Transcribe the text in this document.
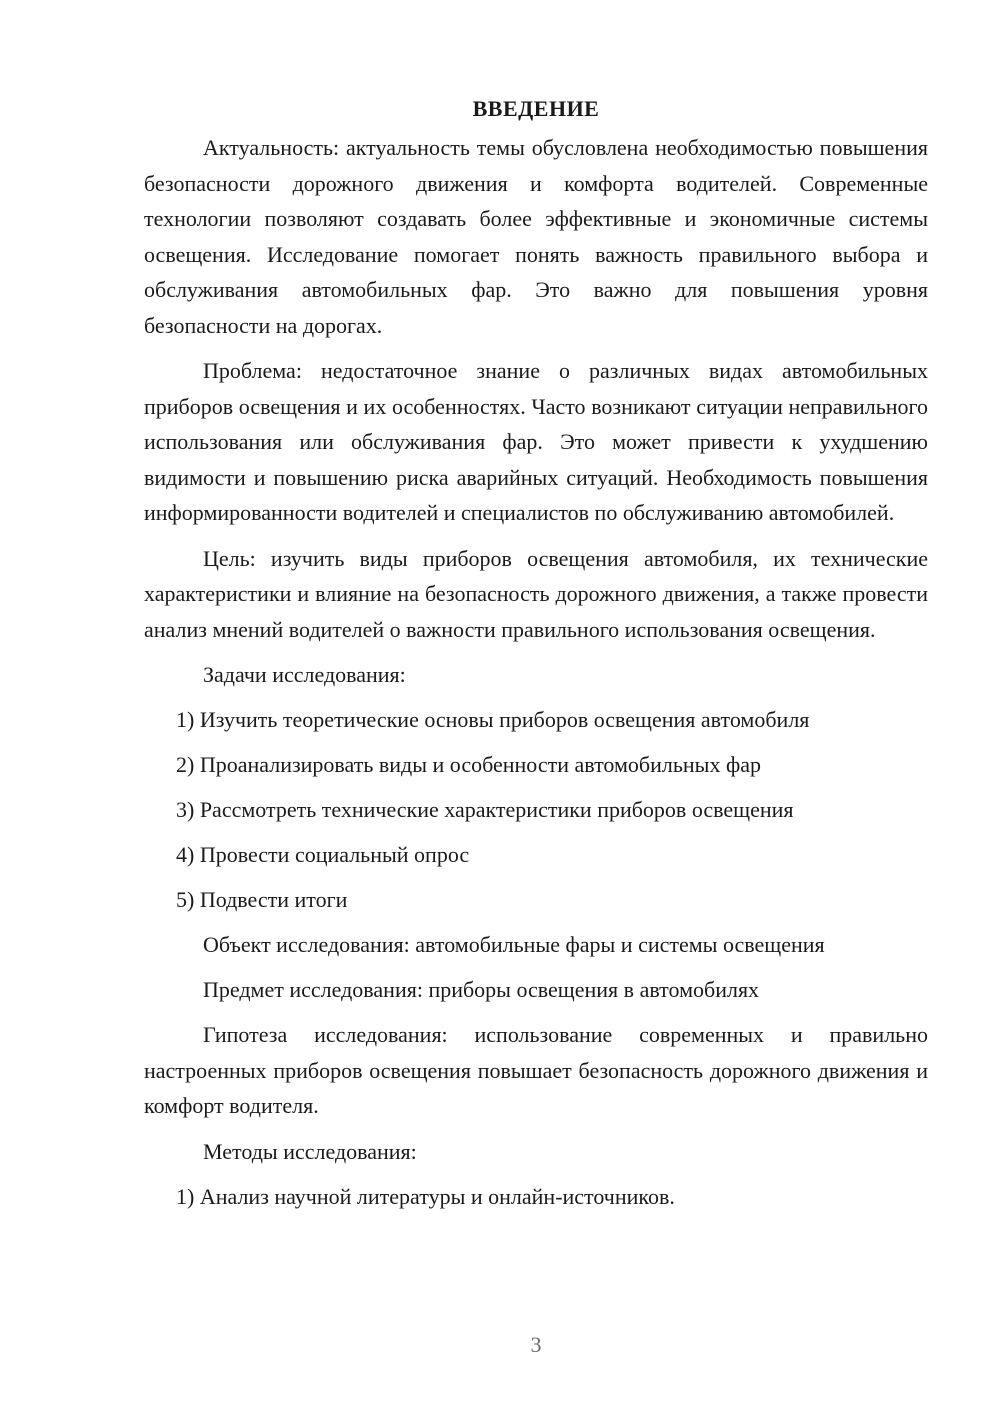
ВВЕДЕНИЕ

Актуальность: актуальность темы обусловлена необходимостью повышения безопасности дорожного движения и комфорта водителей. Современные технологии позволяют создавать более эффективные и экономичные системы освещения. Исследование помогает понять важность правильного выбора и обслуживания автомобильных фар. Это важно для повышения уровня безопасности на дорогах.

Проблема: недостаточное знание о различных видах автомобильных приборов освещения и их особенностях. Часто возникают ситуации неправильного использования или обслуживания фар. Это может привести к ухудшению видимости и повышению риска аварийных ситуаций. Необходимость повышения информированности водителей и специалистов по обслуживанию автомобилей.

Цель: изучить виды приборов освещения автомобиля, их технические характеристики и влияние на безопасность дорожного движения, а также провести анализ мнений водителей о важности правильного использования освещения.

Задачи исследования:

1) Изучить теоретические основы приборов освещения автомобиля

2) Проанализировать виды и особенности автомобильных фар

3) Рассмотреть технические характеристики приборов освещения

4) Провести социальный опрос

5) Подвести итоги

Объект исследования: автомобильные фары и системы освещения

Предмет исследования: приборы освещения в автомобилях

Гипотеза исследования: использование современных и правильно настроенных приборов освещения повышает безопасность дорожного движения и комфорт водителя.

Методы исследования:

1) Анализ научной литературы и онлайн-источников.

3
